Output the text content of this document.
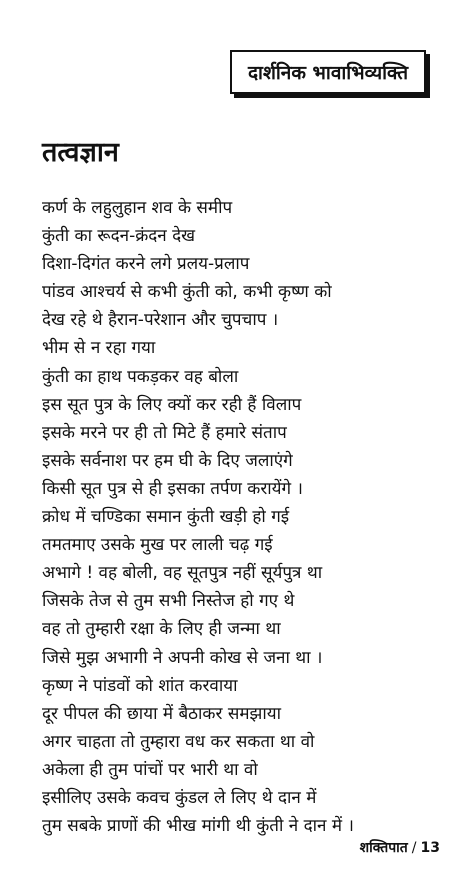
दार्शनिक भावाभिव्यक्ति
तत्वज्ञान
कर्ण के लहुलुहान शव के समीप
कुंती का रूदन-क्रंदन देख
दिशा-दिगंत करने लगे प्रलय-प्रलाप
पांडव आश्चर्य से कभी कुंती को, कभी कृष्ण को
देख रहे थे हैरान-परेशान और चुपचाप ।
भीम से न रहा गया
कुंती का हाथ पकड़कर वह बोला
इस सूत पुत्र के लिए क्यों कर रही हैं विलाप
इसके मरने पर ही तो मिटे हैं हमारे संताप
इसके सर्वनाश पर हम घी के दिए जलाएंगे
किसी सूत पुत्र से ही इसका तर्पण करायेंगे ।
क्रोध में चण्डिका समान कुंती खड़ी हो गई
तमतमाए उसके मुख पर लाली चढ़ गई
अभागे ! वह बोली, वह सूतपुत्र नहीं सूर्यपुत्र था
जिसके तेज से तुम सभी निस्तेज हो गए थे
वह तो तुम्हारी रक्षा के लिए ही जन्मा था
जिसे मुझ अभागी ने अपनी कोख से जना था ।
कृष्ण ने पांडवों को शांत करवाया
दूर पीपल की छाया में बैठाकर समझाया
अगर चाहता तो तुम्हारा वध कर सकता था वो
अकेला ही तुम पांचों पर भारी था वो
इसीलिए उसके कवच कुंडल ले लिए थे दान में
तुम सबके प्राणों की भीख मांगी थी कुंती ने दान में ।
शक्तिपात / 13
